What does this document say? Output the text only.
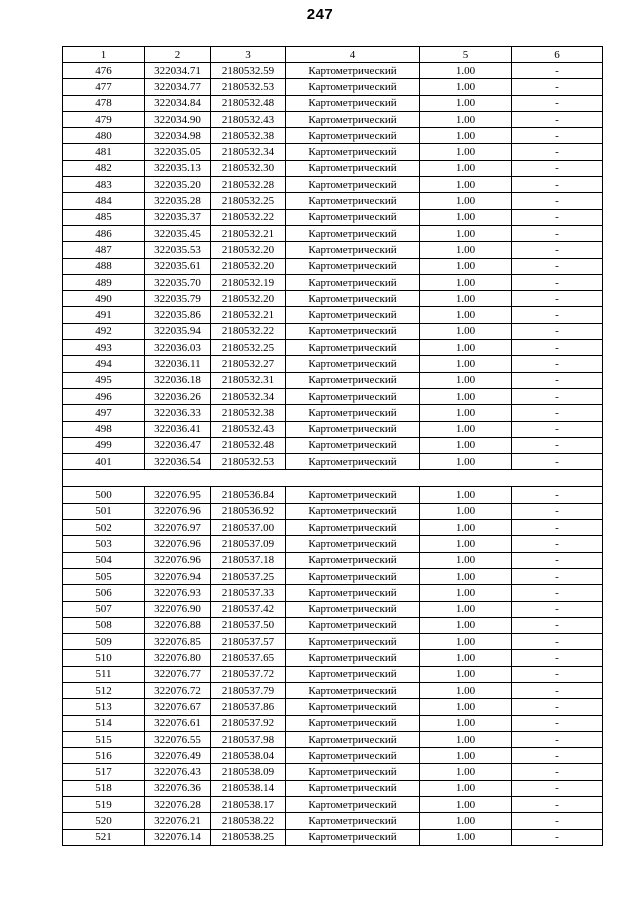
247
1	2	3	4	5	6
476	322034.71	2180532.59	Картометрический	1.00	-
477	322034.77	2180532.53	Картометрический	1.00	-
478	322034.84	2180532.48	Картометрический	1.00	-
479	322034.90	2180532.43	Картометрический	1.00	-
480	322034.98	2180532.38	Картометрический	1.00	-
481	322035.05	2180532.34	Картометрический	1.00	-
482	322035.13	2180532.30	Картометрический	1.00	-
483	322035.20	2180532.28	Картометрический	1.00	-
484	322035.28	2180532.25	Картометрический	1.00	-
485	322035.37	2180532.22	Картометрический	1.00	-
486	322035.45	2180532.21	Картометрический	1.00	-
487	322035.53	2180532.20	Картометрический	1.00	-
488	322035.61	2180532.20	Картометрический	1.00	-
489	322035.70	2180532.19	Картометрический	1.00	-
490	322035.79	2180532.20	Картометрический	1.00	-
491	322035.86	2180532.21	Картометрический	1.00	-
492	322035.94	2180532.22	Картометрический	1.00	-
493	322036.03	2180532.25	Картометрический	1.00	-
494	322036.11	2180532.27	Картометрический	1.00	-
495	322036.18	2180532.31	Картометрический	1.00	-
496	322036.26	2180532.34	Картометрический	1.00	-
497	322036.33	2180532.38	Картометрический	1.00	-
498	322036.41	2180532.43	Картометрический	1.00	-
499	322036.47	2180532.48	Картометрический	1.00	-
401	322036.54	2180532.53	Картометрический	1.00	-

500	322076.95	2180536.84	Картометрический	1.00	-
501	322076.96	2180536.92	Картометрический	1.00	-
502	322076.97	2180537.00	Картометрический	1.00	-
503	322076.96	2180537.09	Картометрический	1.00	-
504	322076.96	2180537.18	Картометрический	1.00	-
505	322076.94	2180537.25	Картометрический	1.00	-
506	322076.93	2180537.33	Картометрический	1.00	-
507	322076.90	2180537.42	Картометрический	1.00	-
508	322076.88	2180537.50	Картометрический	1.00	-
509	322076.85	2180537.57	Картометрический	1.00	-
510	322076.80	2180537.65	Картометрический	1.00	-
511	322076.77	2180537.72	Картометрический	1.00	-
512	322076.72	2180537.79	Картометрический	1.00	-
513	322076.67	2180537.86	Картометрический	1.00	-
514	322076.61	2180537.92	Картометрический	1.00	-
515	322076.55	2180537.98	Картометрический	1.00	-
516	322076.49	2180538.04	Картометрический	1.00	-
517	322076.43	2180538.09	Картометрический	1.00	-
518	322076.36	2180538.14	Картометрический	1.00	-
519	322076.28	2180538.17	Картометрический	1.00	-
520	322076.21	2180538.22	Картометрический	1.00	-
521	322076.14	2180538.25	Картометрический	1.00	-
